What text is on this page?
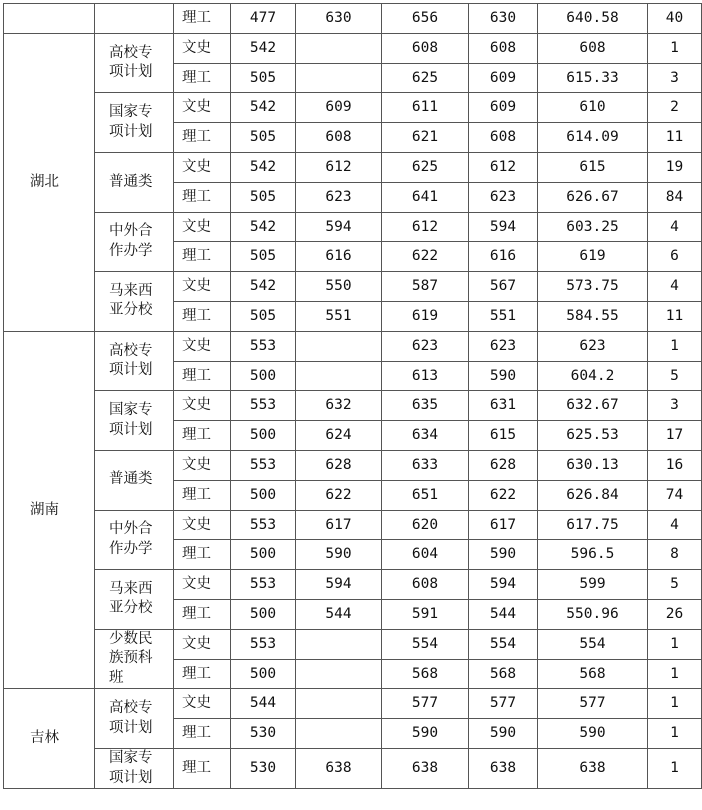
		理工	477	630	656	630	640.58	40
湖北	高校专
项计划	文史	542		608	608	608	1
		理工	505		625	609	615.33	3

	国家专
项计划	文史	542	609	611	609	610	2
		理工	505	608	621	608	614.09	11
	普通类	文史	542	612	625	612	615	19
		理工	505	623	641	623	626.67	84

	中外合
作办学	文史	542	594	612	594	603.25	4
		理工	505	616	622	616	619	6

	马来西
亚分校	文史	542	550	587	567	573.75	4
		理工	505	551	619	551	584.55	11
湖南	高校专
项计划	文史	553		623	623	623	1
		理工	500		613	590	604.2	5

	国家专
项计划	文史	553	632	635	631	632.67	3
		理工	500	624	634	615	625.53	17
	普通类	文史	553	628	633	628	630.13	16
		理工	500	622	651	622	626.84	74

	中外合
作办学	文史	553	617	620	617	617.75	4
		理工	500	590	604	590	596.5	8

	马来西
亚分校	文史	553	594	608	594	599	5
		理工	500	544	591	544	550.96	26

	少数民
族预科
班	文史	553		554	554	554	1
		理工	500		568	568	568	1
吉林	高校专
项计划	文史	544		577	577	577	1
		理工	530		590	590	590	1

	国家专
项计划	理工	530	638	638	638	638	1
